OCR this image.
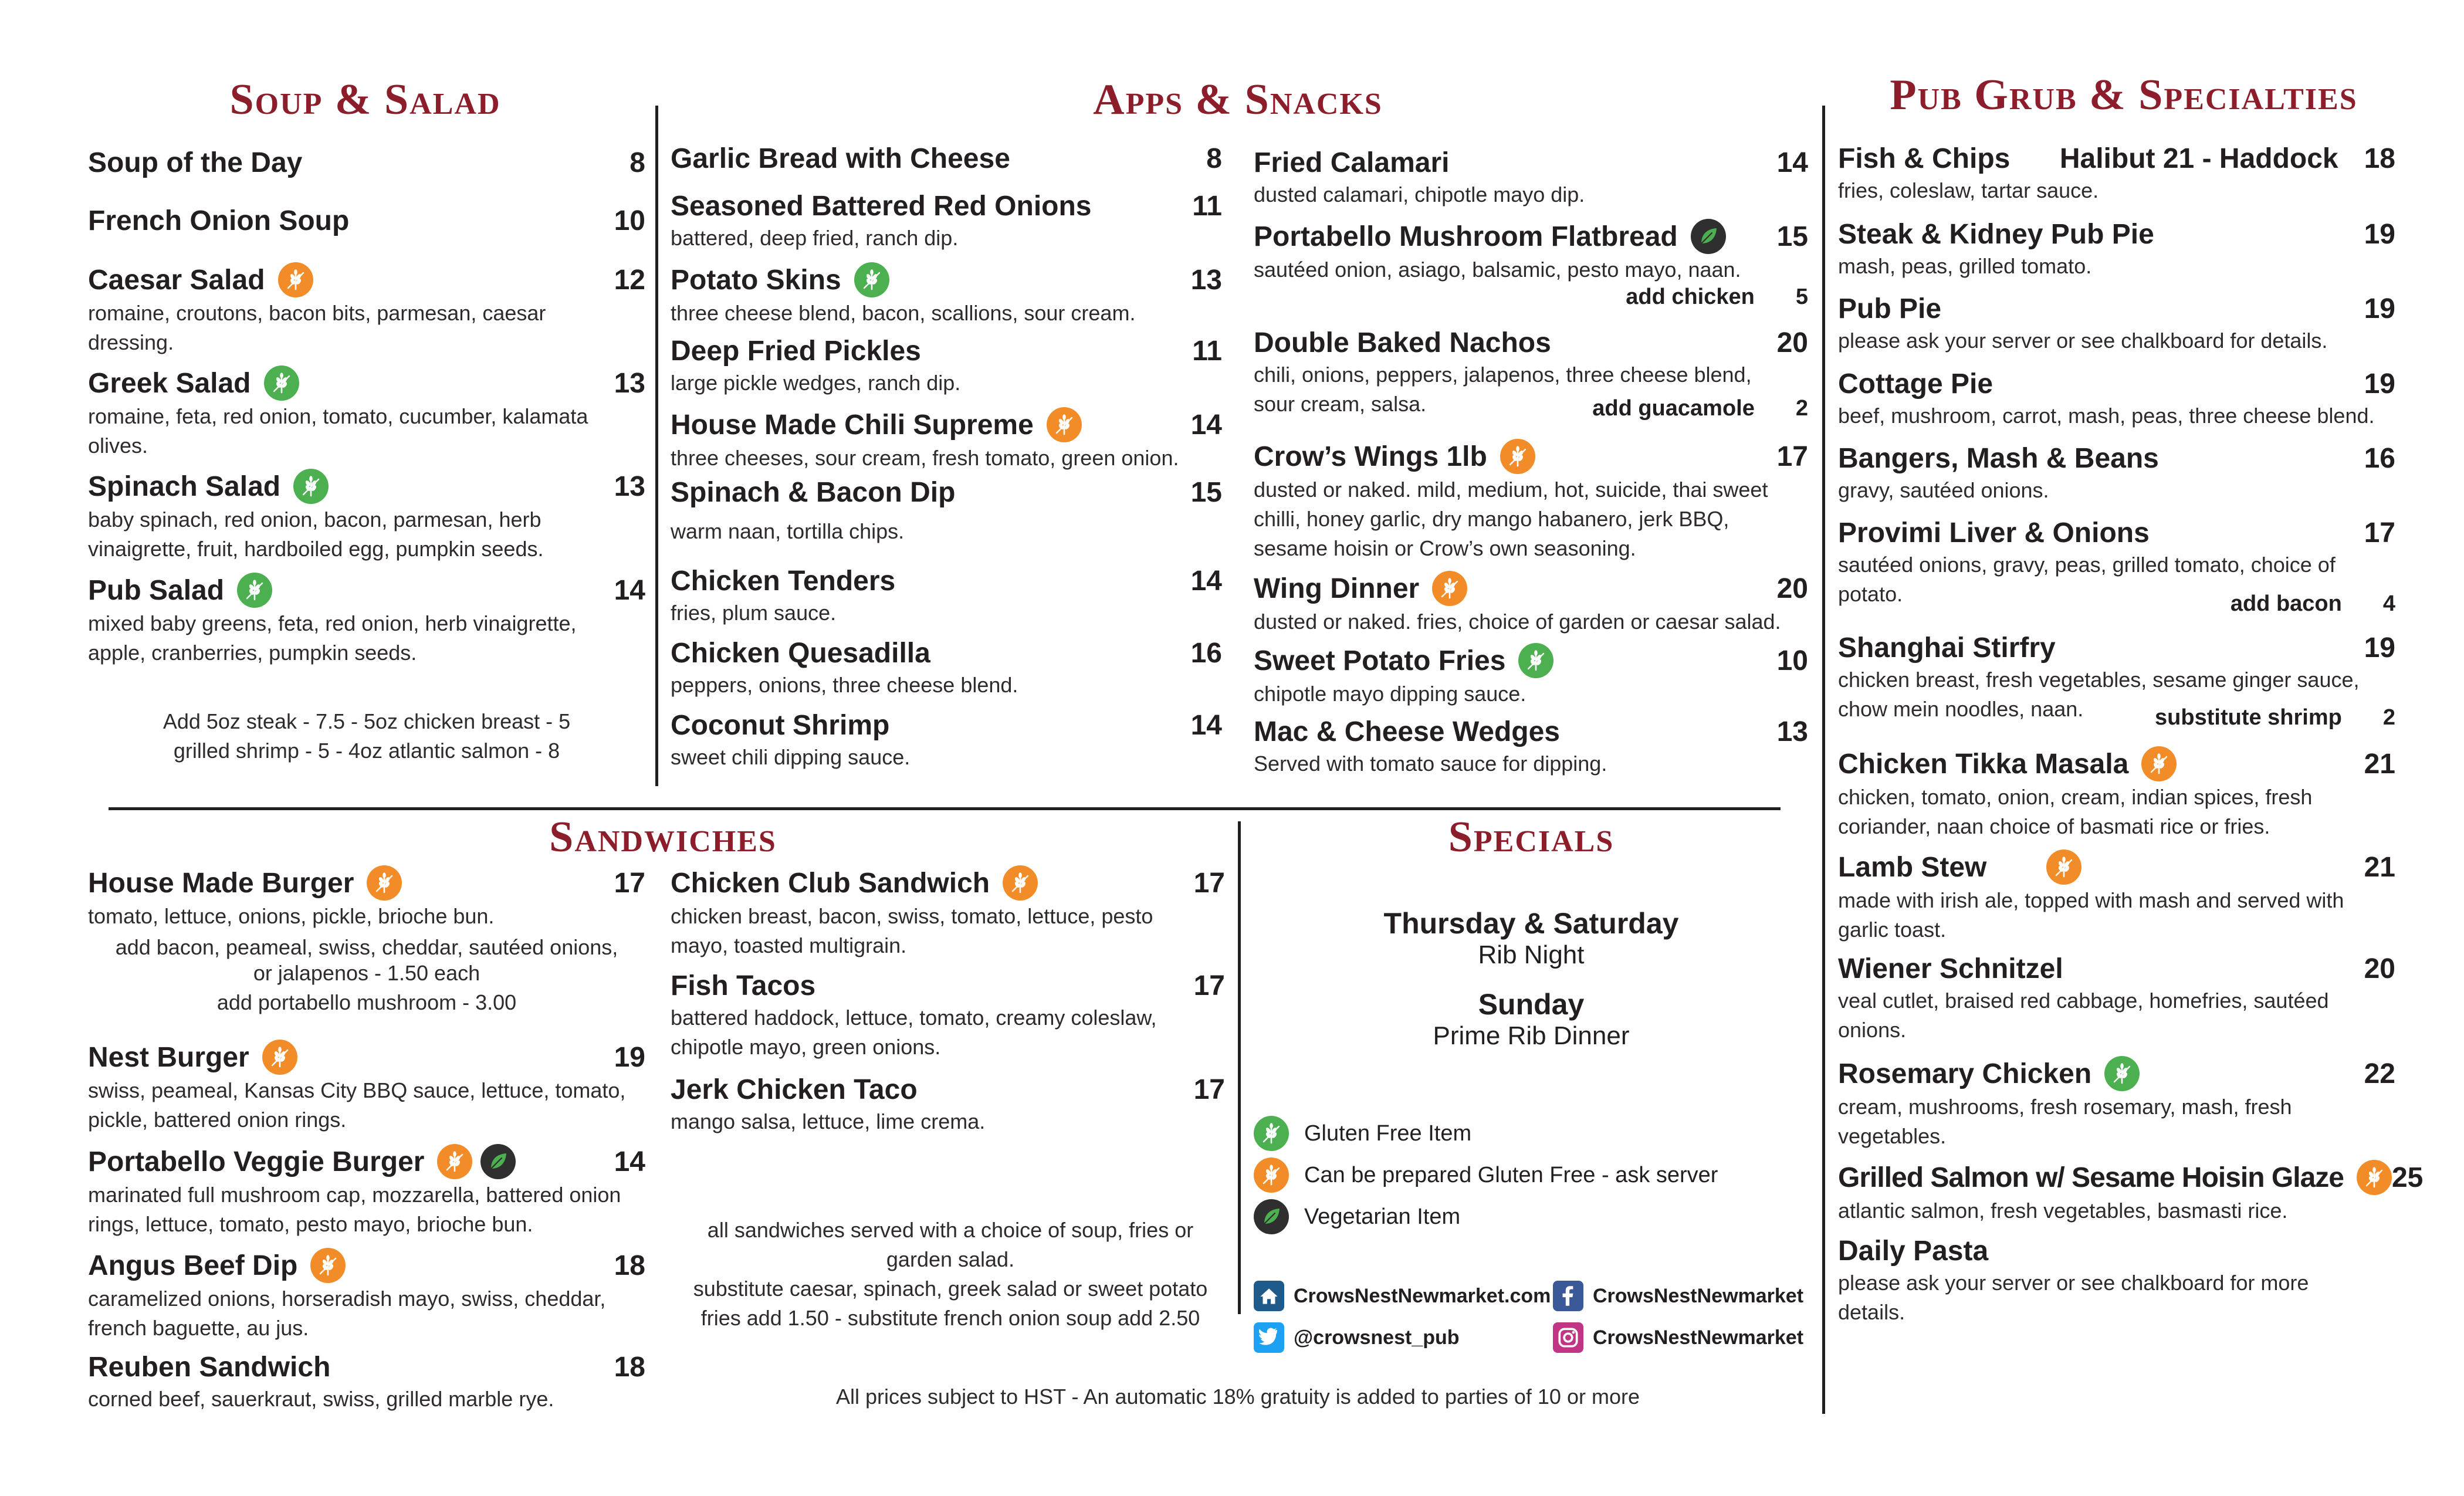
Soup & Salad	Apps & Snacks	Pub Grub & Specialties
Sandwiches	Specials
Soup of the Day	8
French Onion Soup	10
Caesar Salad	12
romaine, croutons, bacon bits, parmesan, caesar dressing.
Greek Salad	13
romaine, feta, red onion, tomato, cucumber, kalamata olives.
Spinach Salad	13
baby spinach, red onion, bacon, parmesan, herb vinaigrette, fruit, hardboiled egg, pumpkin seeds.
Pub Salad	14
mixed baby greens, feta, red onion, herb vinaigrette, apple, cranberries, pumpkin seeds.
Add 5oz steak - 7.5 - 5oz chicken breast - 5
grilled shrimp - 5 - 4oz atlantic salmon - 8
Garlic Bread with Cheese	8
Seasoned Battered Red Onions	11
battered, deep fried, ranch dip.
Potato Skins	13
three cheese blend, bacon, scallions, sour cream.
Deep Fried Pickles	11
large pickle wedges, ranch dip.
House Made Chili Supreme	14
three cheeses, sour cream, fresh tomato, green onion.
Spinach & Bacon Dip	15
warm naan, tortilla chips.
Chicken Tenders	14
fries, plum sauce.
Chicken Quesadilla	16
peppers, onions, three cheese blend.
Coconut Shrimp	14
sweet chili dipping sauce.
Fried Calamari	14
dusted calamari, chipotle mayo dip.
Portabello Mushroom Flatbread	15
sautéed onion, asiago, balsamic, pesto mayo, naan.
add chicken 5
Double Baked Nachos	20
chili, onions, peppers, jalapenos, three cheese blend,
sour cream, salsa.	add guacamole 2
Crow’s Wings 1lb	17
dusted or naked. mild, medium, hot, suicide, thai sweet chilli, honey garlic, dry mango habanero, jerk BBQ, sesame hoisin or Crow’s own seasoning.
Wing Dinner	20
dusted or naked. fries, choice of garden or caesar salad.
Sweet Potato Fries	10
chipotle mayo dipping sauce.
Mac & Cheese Wedges	13
Served with tomato sauce for dipping.
Fish & Chips Halibut 21 - Haddock 18
fries, coleslaw, tartar sauce.
Steak & Kidney Pub Pie	19
mash, peas, grilled tomato.
Pub Pie	19
please ask your server or see chalkboard for details.
Cottage Pie	19
beef, mushroom, carrot, mash, peas, three cheese blend.
Bangers, Mash & Beans	16
gravy, sautéed onions.
Provimi Liver & Onions	17
sautéed onions, gravy, peas, grilled tomato, choice of
potato.	add bacon 4
Shanghai Stirfry	19
chicken breast, fresh vegetables, sesame ginger sauce,
chow mein noodles, naan.	substitute shrimp 2
Chicken Tikka Masala	21
chicken, tomato, onion, cream, indian spices, fresh coriander, naan choice of basmati rice or fries.
Lamb Stew	21
made with irish ale, topped with mash and served with garlic toast.
Wiener Schnitzel	20
veal cutlet, braised red cabbage, homefries, sautéed onions.
Rosemary Chicken	22
cream, mushrooms, fresh rosemary, mash, fresh vegetables.
Grilled Salmon w/ Sesame Hoisin Glaze 25
atlantic salmon, fresh vegetables, basmasti rice.
Daily Pasta
please ask your server or see chalkboard for more details.
House Made Burger	17
tomato, lettuce, onions, pickle, brioche bun.
add bacon, peameal, swiss, cheddar, sautéed onions,
or jalapenos - 1.50 each
add portabello mushroom - 3.00
Nest Burger	19
swiss, peameal, Kansas City BBQ sauce, lettuce, tomato, pickle, battered onion rings.
Portabello Veggie Burger	14
marinated full mushroom cap, mozzarella, battered onion rings, lettuce, tomato, pesto mayo, brioche bun.
Angus Beef Dip	18
caramelized onions, horseradish mayo, swiss, cheddar, french baguette, au jus.
Reuben Sandwich	18
corned beef, sauerkraut, swiss, grilled marble rye.
Chicken Club Sandwich	17
chicken breast, bacon, swiss, tomato, lettuce, pesto mayo, toasted multigrain.
Fish Tacos	17
battered haddock, lettuce, tomato, creamy coleslaw, chipotle mayo, green onions.
Jerk Chicken Taco	17
mango salsa, lettuce, lime crema.
all sandwiches served with a choice of soup, fries or
garden salad.
substitute caesar, spinach, greek salad or sweet potato
fries add 1.50 - substitute french onion soup add 2.50
Thursday & Saturday
Rib Night
Sunday
Prime Rib Dinner
Gluten Free Item
Can be prepared Gluten Free - ask server
Vegetarian Item
CrowsNestNewmarket.com CrowsNestNewmarket
@crowsnest_pub	CrowsNestNewmarket
All prices subject to HST - An automatic 18% gratuity is added to parties of 10 or more
